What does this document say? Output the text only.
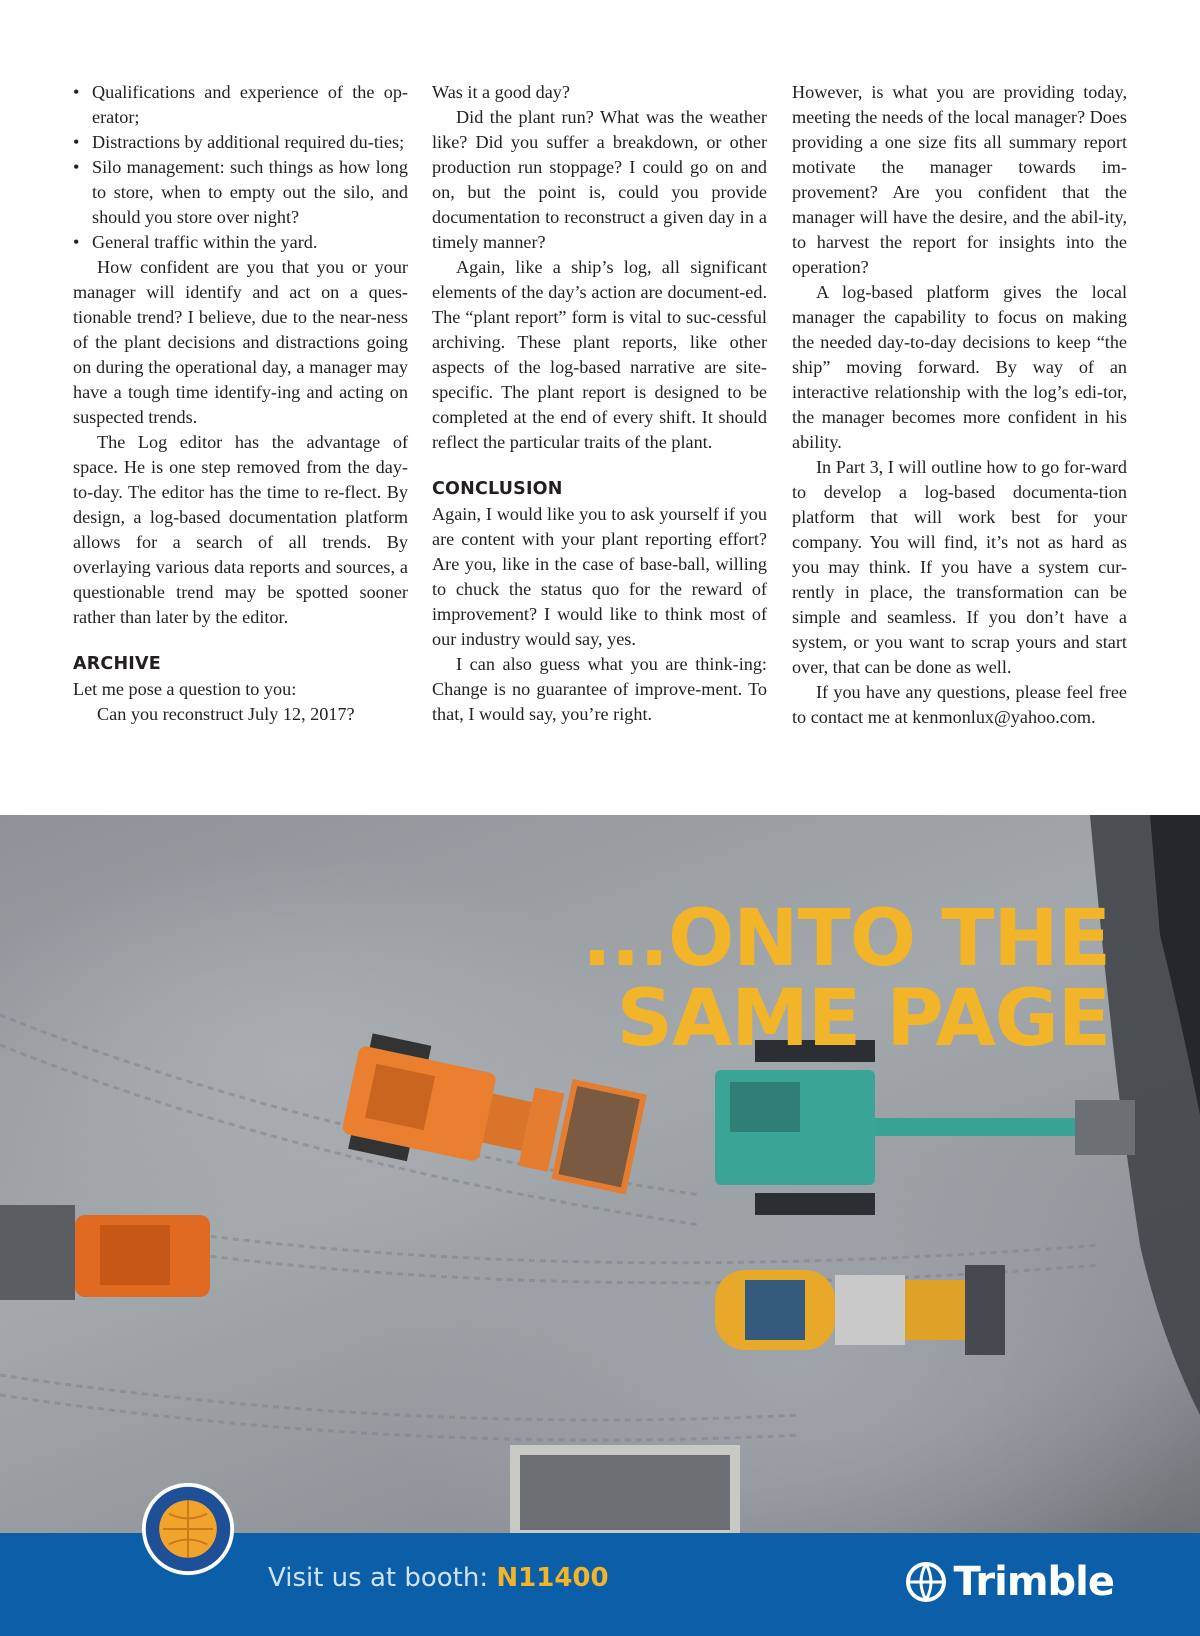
• Qualifications and experience of the op-erator;
• Distractions by additional required du-ties;
• Silo management: such things as how long to store, when to empty out the silo, and should you store over night?
• General traffic within the yard.

How confident are you that you or your manager will identify and act on a ques-tionable trend? I believe, due to the near-ness of the plant decisions and distractions going on during the operational day, a manager may have a tough time identify-ing and acting on suspected trends.

The Log editor has the advantage of space. He is one step removed from the day-to-day. The editor has the time to re-flect. By design, a log-based documentation platform allows for a search of all trends. By overlaying various data reports and sources, a questionable trend may be spotted sooner rather than later by the editor.

ARCHIVE

Let me pose a question to you:

Can you reconstruct July 12, 2017?

Was it a good day?

Did the plant run? What was the weather like? Did you suffer a breakdown, or other production run stoppage? I could go on and on, but the point is, could you provide documentation to reconstruct a given day in a timely manner?

Again, like a ship’s log, all significant elements of the day’s action are document-ed. The “plant report” form is vital to suc-cessful archiving. These plant reports, like other aspects of the log-based narrative are site-specific. The plant report is designed to be completed at the end of every shift. It should reflect the particular traits of the plant.

CONCLUSION

Again, I would like you to ask yourself if you are content with your plant reporting effort? Are you, like in the case of base-ball, willing to chuck the status quo for the reward of improvement? I would like to think most of our industry would say, yes.

I can also guess what you are think-ing: Change is no guarantee of improve-ment. To that, I would say, you’re right.

However, is what you are providing today, meeting the needs of the local manager? Does providing a one size fits all summary report motivate the manager towards im-provement? Are you confident that the manager will have the desire, and the abil-ity, to harvest the report for insights into the operation?

A log-based platform gives the local manager the capability to focus on making the needed day-to-day decisions to keep “the ship” moving forward. By way of an interactive relationship with the log’s edi-tor, the manager becomes more confident in his ability.

In Part 3, I will outline how to go for-ward to develop a log-based documenta-tion platform that will work best for your company. You will find, it’s not as hard as you may think. If you have a system cur-rently in place, the transformation can be simple and seamless. If you don’t have a system, or you want to scrap yours and start over, that can be done as well.

If you have any questions, please feel free to contact me at kenmonlux@yahoo.com.

...ONTO THE
SAME PAGE
Visit us at booth: N11400	Trimble
